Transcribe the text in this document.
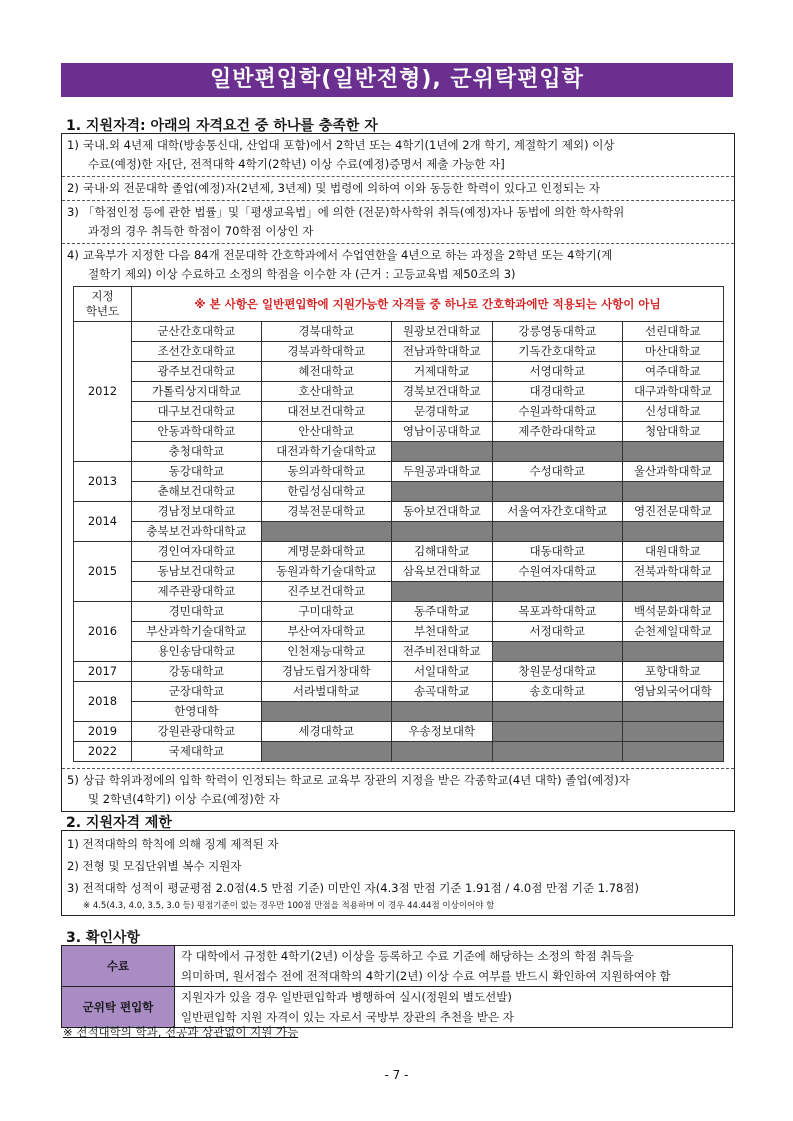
일반편입학(일반전형), 군위탁편입학
1. 지원자격: 아래의 자격요건 중 하나를 충족한 자
1) 국내.외 4년제 대학(방송통신대, 산업대 포함)에서 2학년 또는 4학기(1년에 2개 학기, 계절학기 제외) 이상
수료(예정)한 자[단, 전적대학 4학기(2학년) 이상 수료(예정)증명서 제출 가능한 자]
2) 국내·외 전문대학 졸업(예정)자(2년제, 3년제) 및 법령에 의하여 이와 동등한 학력이 있다고 인정되는 자
3) 「학점인정 등에 관한 법률」및「평생교육법」에 의한 (전문)학사학위 취득(예정)자나 동법에 의한 학사학위
과정의 경우 취득한 학점이 70학점 이상인 자
4) 교육부가 지정한 다음 84개 전문대학 간호학과에서 수업연한을 4년으로 하는 과정을 2학년 또는 4학기(계
절학기 제외) 이상 수료하고 소정의 학점을 이수한 자 (근거 : 고등교육법 제50조의 3)
지정
학년도	※ 본 사항은 일반편입학에 지원가능한 자격들 중 하나로 간호학과에만 적용되는 사항이 아님				
2012	군산간호대학교	경북대학교	원광보건대학교	강릉영동대학교	선린대학교
	조선간호대학교	경북과학대학교	전남과학대학교	기독간호대학교	마산대학교
	광주보건대학교	혜전대학교	거제대학교	서영대학교	여주대학교
	가톨릭상지대학교	호산대학교	경북보건대학교	대경대학교	대구과학대학교
	대구보건대학교	대전보건대학교	문경대학교	수원과학대학교	신성대학교
	안동과학대학교	안산대학교	영남이공대학교	제주한라대학교	청암대학교
	충청대학교	대전과학기술대학교			
2013	동강대학교	동의과학대학교	두원공과대학교	수성대학교	울산과학대학교
	춘해보건대학교	한림성심대학교			
2014	경남정보대학교	경북전문대학교	동아보건대학교	서울여자간호대학교	영진전문대학교
	충북보건과학대학교				
2015	경인여자대학교	계명문화대학교	김해대학교	대동대학교	대원대학교
	동남보건대학교	동원과학기술대학교	삼육보건대학교	수원여자대학교	전북과학대학교
	제주관광대학교	진주보건대학교			
2016	경민대학교	구미대학교	동주대학교	목포과학대학교	백석문화대학교
	부산과학기술대학교	부산여자대학교	부천대학교	서정대학교	순천제일대학교
	용인송담대학교	인천재능대학교	전주비전대학교		
2017	강동대학교	경남도립거창대학	서일대학교	창원문성대학교	포항대학교
2018	군장대학교	서라벌대학교	송곡대학교	송호대학교	영남외국어대학
	한영대학				
2019	강원관광대학교	세경대학교	우송정보대학		
2022	국제대학교				
5) 상급 학위과정에의 입학 학력이 인정되는 학교로 교육부 장관의 지정을 받은 각종학교(4년 대학) 졸업(예정)자
및 2학년(4학기) 이상 수료(예정)한 자
2. 지원자격 제한
1) 전적대학의 학칙에 의해 징계 제적된 자
2) 전형 및 모집단위별 복수 지원자
3) 전적대학 성적이 평균평점 2.0점(4.5 만점 기준) 미만인 자(4.3점 만점 기준 1.91점 / 4.0점 만점 기준 1.78점)
※ 4.5(4.3, 4.0, 3.5, 3.0 등) 평점기준이 없는 경우만 100점 만점을 적용하며 이 경우 44.44점 이상이어야 함
3. 확인사항
수료	각 대학에서 규정한 4학기(2년) 이상을 등록하고 수료 기준에 해당하는 소정의 학점 취득을
의미하며, 원서접수 전에 전적대학의 4학기(2년) 이상 수료 여부를 반드시 확인하여 지원하여야 함

군위탁 편입학	지원자가 있을 경우 일반편입학과 병행하여 실시(정원외 별도선발)
일반편입학 지원 자격이 있는 자로서 국방부 장관의 추천을 받은 자
※ 전적대학의 학과, 전공과 상관없이 지원 가능
- 7 -
